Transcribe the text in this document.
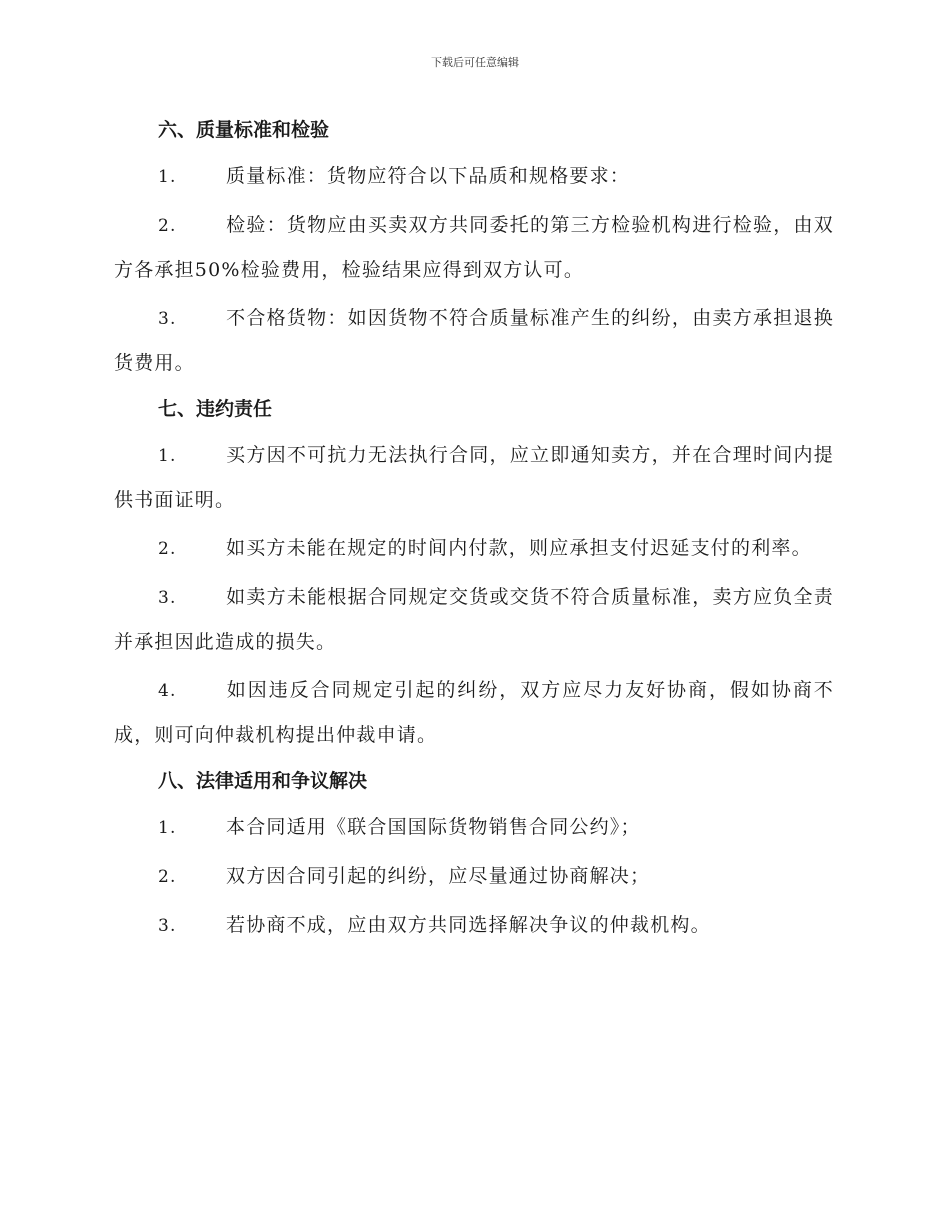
下载后可任意编辑
六、质量标准和检验

1.	质量标准：货物应符合以下品质和规格要求：

2.	检验：货物应由买卖双方共同委托的第三方检验机构进行检验，由双方各承担50%检验费用，检验结果应得到双方认可。

3.	不合格货物：如因货物不符合质量标准产生的纠纷，由卖方承担退换货费用。

七、违约责任

1.	买方因不可抗力无法执行合同，应立即通知卖方，并在合理时间内提供书面证明。

2.	如买方未能在规定的时间内付款，则应承担支付迟延支付的利率。

3.	如卖方未能根据合同规定交货或交货不符合质量标准，卖方应负全责并承担因此造成的损失。

4.	如因违反合同规定引起的纠纷，双方应尽力友好协商，假如协商不成，则可向仲裁机构提出仲裁申请。

八、法律适用和争议解决

1.	本合同适用《联合国国际货物销售合同公约》；

2.	双方因合同引起的纠纷，应尽量通过协商解决；

3.	若协商不成，应由双方共同选择解决争议的仲裁机构。
